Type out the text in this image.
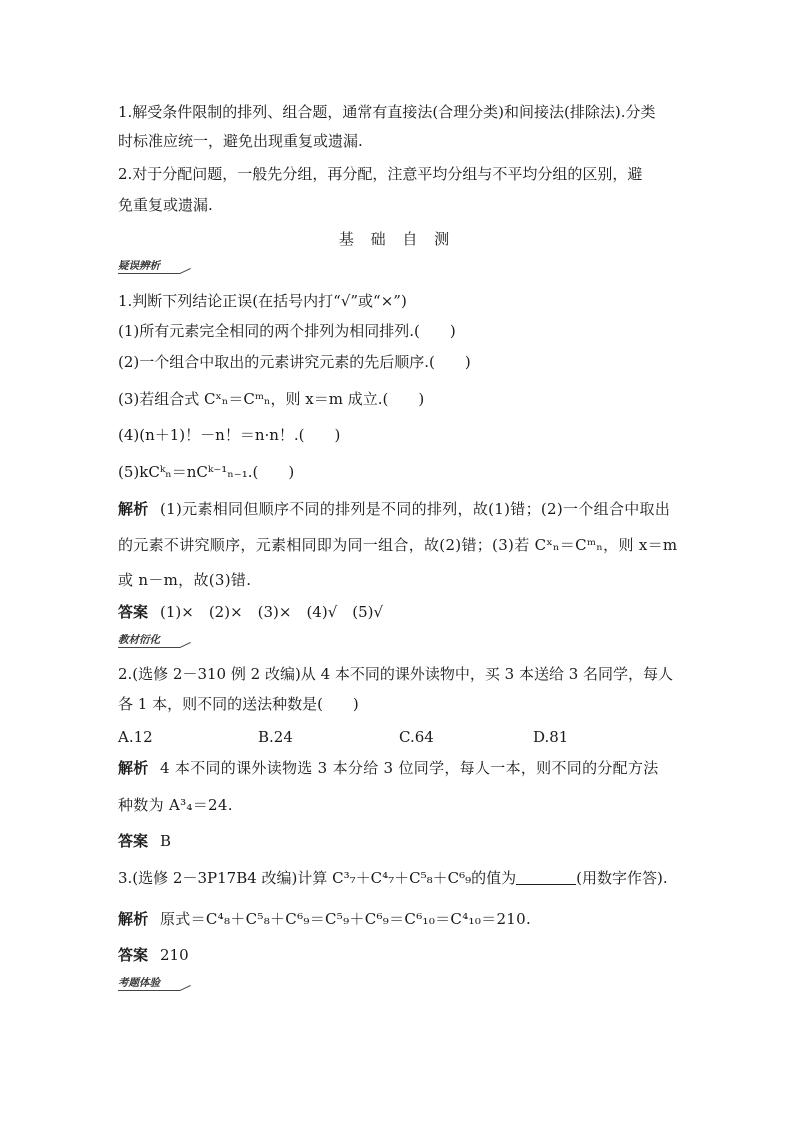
1.解受条件限制的排列、组合题，通常有直接法(合理分类)和间接法(排除法).分类
时标准应统一，避免出现重复或遗漏.
2.对于分配问题，一般先分组，再分配，注意平均分组与不平均分组的区别，避
免重复或遗漏.
基 础 自 测
疑误辨析
1.判断下列结论正误(在括号内打“√”或“×”)
(1)所有元素完全相同的两个排列为相同排列.(　　)
(2)一个组合中取出的元素讲究元素的先后顺序.(　　)
(3)若组合式 Cˣₙ＝Cᵐₙ，则 x＝m 成立.(　　)
(4)(n＋1)！－n！＝n·n！.(　　)
(5)kCᵏₙ＝nCᵏ⁻¹ₙ₋₁.(　　)
解析 (1)元素相同但顺序不同的排列是不同的排列，故(1)错；(2)一个组合中取出
的元素不讲究顺序，元素相同即为同一组合，故(2)错；(3)若 Cˣₙ＝Cᵐₙ，则 x＝m
或 n－m，故(3)错.
答案 (1)×　(2)×　(3)×　(4)√　(5)√
教材衍化
2.(选修 2－310 例 2 改编)从 4 本不同的课外读物中，买 3 本送给 3 名同学，每人
各 1 本，则不同的送法种数是(　　)
A.12	B.24	C.64	D.81
解析 4 本不同的课外读物选 3 本分给 3 位同学，每人一本，则不同的分配方法
种数为 A³₄＝24.
答案 B
3.(选修 2－3P17B4 改编)计算 C³₇＋C⁴₇＋C⁵₈＋C⁶₉的值为	(用数字作答).
解析 原式＝C⁴₈＋C⁵₈＋C⁶₉＝C⁵₉＋C⁶₉＝C⁶₁₀＝C⁴₁₀＝210.
答案 210
考题体验
